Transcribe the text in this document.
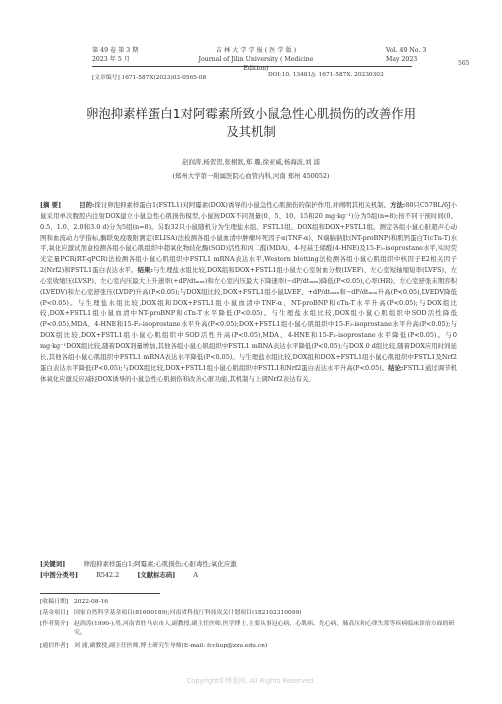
第 49 卷 第 3 期
2023 年 5 月
吉 林 大 学 学 报 ( 医 学 版 )
Journal of Jilin University ( Medicine Edition)
Vol. 49 No. 3
May 2023
565
[文章编号] 1671-587X(2023)03-0565-08	DOI:10. 13481/j. 1671-587X. 20230303
卵泡抑素样蛋白1对阿霉素所致小鼠急性心肌损伤的改善作用
及其机制
赵润涛,杨贺贺,张栩欽,郑 璐,徐亚威,杨海波,刘 浦
(郑州大学第一附属医院心血管内科,河南 郑州 450052)

[摘 要]	目的:探讨卵泡抑素样蛋白1(FSTL1)对阿霉素(DOX)诱导的小鼠急性心肌损伤的保护作用,并阐明其相关机制。方法:80只C57BL/6J小鼠采用单次腹腔内注射DOX建立小鼠急性心肌损伤模型,小鼠按DOX不同剂量(0、5、10、15和20 mg·kg⁻¹)分为5组(n=8);按不同干预时间(0、0.5、1.0、2.0和3.0 d)分为5组(n=8)。另取32只小鼠随机分为生理盐水组、FSTL1组、DOX组和DOX+FSTL1组。测定各组小鼠心脏超声心动图和血流动力学指标,酶联免疫吸附测定(ELISA)法检测各组小鼠血清中肿瘤坏死因子α(TNF-α)、N端脑钠肽(NT-proBNP)和肌钙蛋白T(cTn-T)水平,氧化应激试剂盒检测各组小鼠心肌组织中超氧化物歧化酶(SOD)活性和丙二醛(MDA)、4-羟基壬烯醛(4-HNE)及15-F₂-isoprostane水平,实时荧光定量PCR(RT-qPCR)法检测各组小鼠心肌组织中FSTL1 mRNA表达水平,Western blotting法检测各组小鼠心肌组织中核因子E2相关因子2(Nrf2)和FSTL1蛋白表达水平。结果:与生理盐水组比较,DOX组和DOX+FSTL1组小鼠左心室射血分数(LVEF)、左心室短轴缩短率(LVFS)、左心室收缩压(LVSP)、左心室内压最大上升速率(+dP/dtₘₐₓ)和左心室内压最大下降速率(−dP/dtₘₐₓ)降低(P<0.05),心率(HR)、左心室舒张末期容积(LVEDV)和左心室舒张压(LVDP)升高(P<0.05);与DOX组比较,DOX+FSTL1组小鼠LVEF、+dP/dtₘₐₓ和−dP/dtₘₐₓ升高(P<0.05),LVEDV降低(P<0.05)。与生理盐水组比较,DOX组和DOX+FSTL1组小鼠血清中TNF-α、NT-proBNP和cTn-T水平升高(P<0.05);与DOX组比较,DOX+FSTL1组小鼠血清中NT-proBNP和cTn-T水平降低(P<0.05)。与生理盐水组比较,DOX组小鼠心肌组织中SOD活性降低(P<0.05),MDA、4-HNE和15-F₂-isoprostane水平升高(P<0.05);DOX+FSTL1组小鼠心肌组织中15-F₂-isoprostane水平升高(P<0.05);与DOX组比较,DOX+FSTL1组小鼠心肌组织中SOD活性升高(P<0.05),MDA、4-HNE和15-F₂-isoprostane水平降低(P<0.05)。与0 mg·kg⁻¹DOX组比较,随着DOX剂量增加,其他各组小鼠心肌组织中FSTL1 mRNA表达水平降低(P<0.05);与DOX 0 d组比较,随着DOX应用时间延长,其他各组小鼠心肌组织中FSTL1 mRNA表达水平降低(P<0.05)。与生理盐水组比较,DOX组和DOX+FSTL1组小鼠心肌组织中FSTL1及Nrf2蛋白表达水平降低(P<0.05);与DOX组比较,DOX+FSTL1组小鼠心肌组织中FSTL1和Nrf2蛋白表达水平升高(P<0.05)。结论:FSTL1通过调节机体氧化应激反应减轻DOX诱导的小鼠急性心肌损伤和改善心脏功能,其机制与上调Nrf2表达有关。

[关键词]	卵泡抑素样蛋白1;阿霉素;心肌损伤;心脏毒性;氧化应激
[中图分类号]	R542.2	[文献标志码]	A
[收稿日期] 2022-08-16
[基金项目] 国家自然科学基金项目(81600189);河南省科技厅科技攻关计划项目(182102310099)
[作者简介] 赵润涛(1990-),男,河南省驻马店市人,副教授,副主任医师,医学博士,主要从事冠心病、心肌病、先心病、肺高压和心律失常等疾病临床诊治方面的研究。
[通信作者] 刘 浦,副教授,副主任医师,博士研究生导师(E-mail: fccliup@zzu.edu.cn)
Copyright©博看网. All Rights Reserved.
